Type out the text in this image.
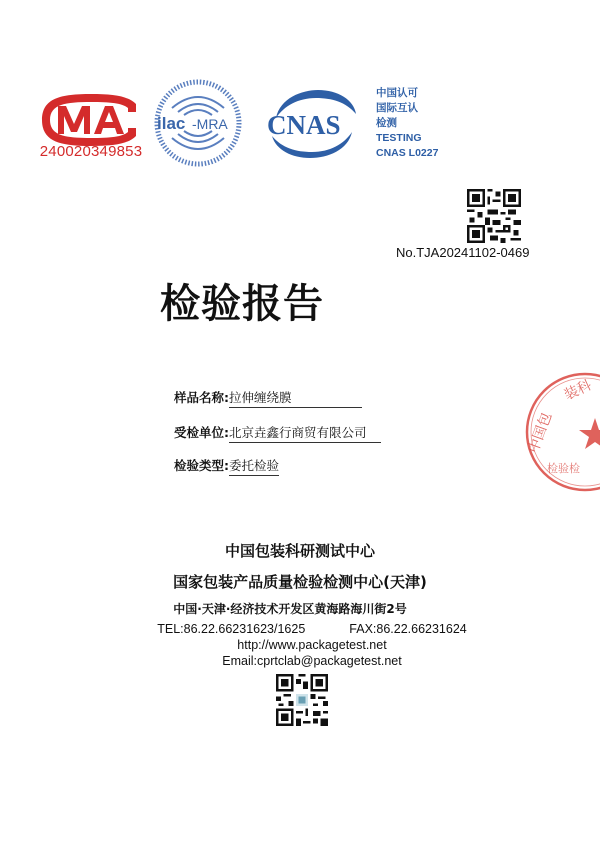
240020349853
ilac -MRA CNAS
中国认可
国际互认
检测
TESTING
CNAS L0227
No.TJA20241102-0469
检验报告
样品名称:拉伸缠绕膜
受检单位:北京垚鑫行商贸有限公司
检验类型:委托检验
中国包
装科
检验检
中国包装科研测试中心
国家包装产品质量检验检测中心(天津)
中国·天津·经济技术开发区黄海路海川街2号
TEL:86.22.66231623/1625	FAX:86.22.66231624
http://www.packagetest.net
Email:cprtclab@packagetest.net
